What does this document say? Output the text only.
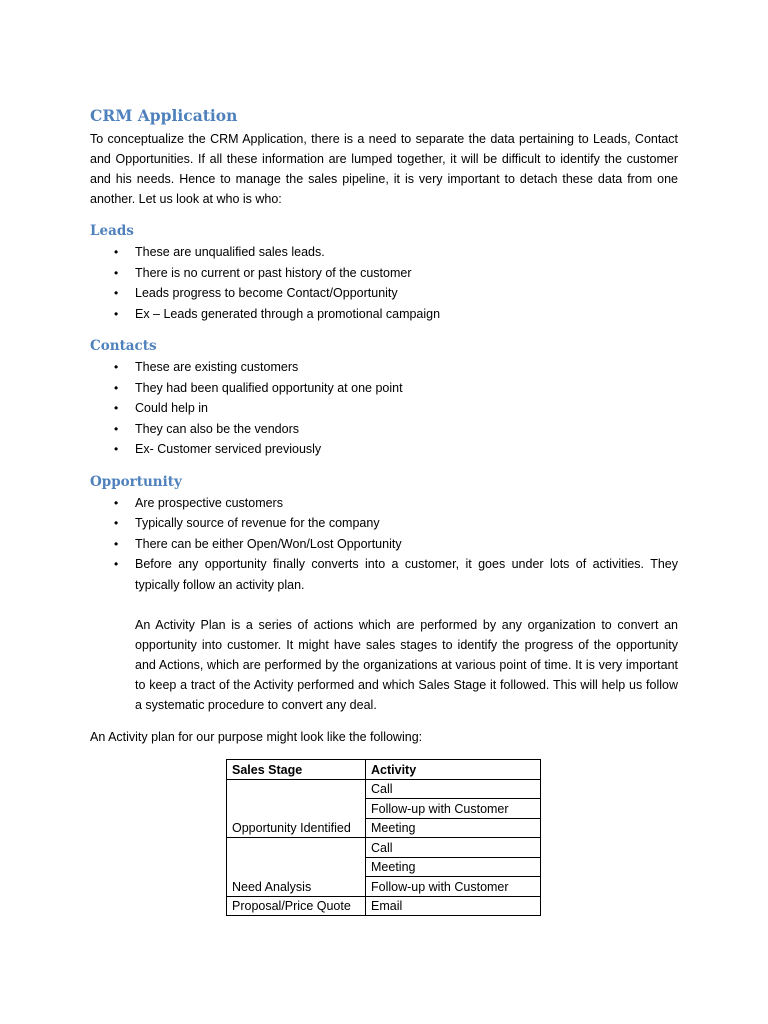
CRM Application

To conceptualize the CRM Application, there is a need to separate the data pertaining to Leads, Contact and Opportunities. If all these information are lumped together, it will be difficult to identify the customer and his needs. Hence to manage the sales pipeline, it is very important to detach these data from one another. Let us look at who is who:

Leads
• These are unqualified sales leads.
• There is no current or past history of the customer
• Leads progress to become Contact/Opportunity
• Ex – Leads generated through a promotional campaign
Contacts
• These are existing customers
• They had been qualified opportunity at one point
• Could help in
• They can also be the vendors
• Ex- Customer serviced previously
Opportunity
• Are prospective customers
• Typically source of revenue for the company
• There can be either Open/Won/Lost Opportunity
• Before any opportunity finally converts into a customer, it goes under lots of activities. They typically follow an activity plan.

An Activity Plan is a series of actions which are performed by any organization to convert an opportunity into customer. It might have sales stages to identify the progress of the opportunity and Actions, which are performed by the organizations at various point of time. It is very important to keep a tract of the Activity performed and which Sales Stage it followed. This will help us follow a systematic procedure to convert any deal.

An Activity plan for our purpose might look like the following:

Sales Stage	Activity
Opportunity Identified	Call
	Follow-up with Customer
	Meeting
Need Analysis	Call
	Meeting
	Follow-up with Customer
Proposal/Price Quote	Email
